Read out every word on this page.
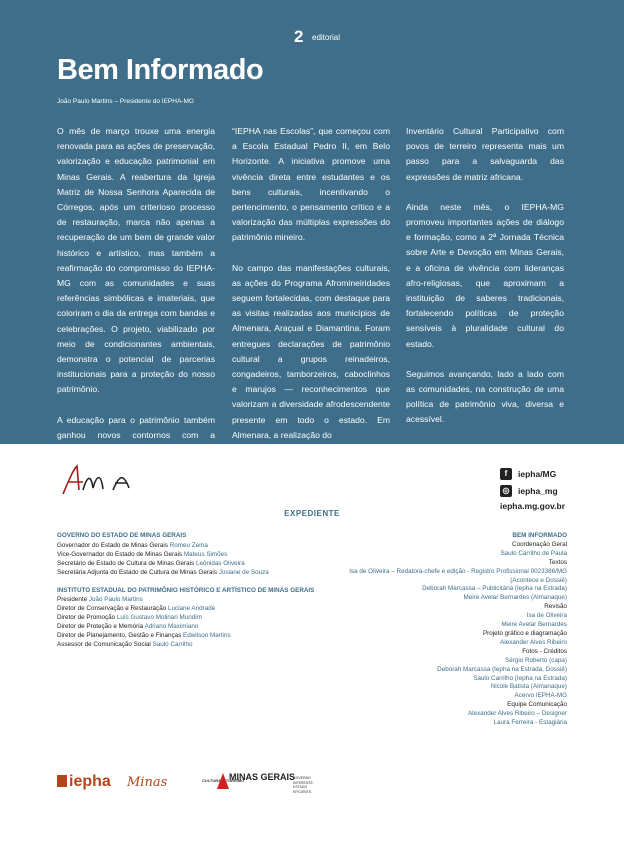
2 editorial
Bem Informado
João Paulo Martins – Presidente do IEPHA-MG

O mês de março trouxe uma energia renovada para as ações de preservação, valorização e educação patrimonial em Minas Gerais. A reabertura da Igreja Matriz de Nossa Senhora Aparecida de Córregos, após um criterioso processo de restauração, marca não apenas a recuperação de um bem de grande valor histórico e artístico, mas também a reafirmação do compromisso do IEPHA-MG com as comunidades e suas referências simbólicas e imateriais, que coloriram o dia da entrega com bandas e celebrações. O projeto, viabilizado por meio de condicionantes ambientais, demonstra o potencial de parcerias institucionais para a proteção do nosso patrimônio.

A educação para o patrimônio também ganhou novos contornos com a retomada do projeto

“IEPHA nas Escolas”, que começou com a Escola Estadual Pedro II, em Belo Horizonte. A iniciativa promove uma vivência direta entre estudantes e os bens culturais, incentivando o pertencimento, o pensamento crítico e a valorização das múltiplas expressões do patrimônio mineiro.

No campo das manifestações culturais, as ações do Programa Afromineiridades seguem fortalecidas, com destaque para as visitas realizadas aos municípios de Almenara, Araçuaí e Diamantina. Foram entregues declarações de patrimônio cultural a grupos reinadeiros, congadeiros, tamborzeiros, caboclinhos e marujos — reconhecimentos que valorizam a diversidade afrodescendente presente em todo o estado. Em Almenara, a realização do

Inventário Cultural Participativo com povos de terreiro representa mais um passo para a salvaguarda das expressões de matriz africana.

Ainda neste mês, o IEPHA-MG promoveu importantes ações de diálogo e formação, como a 2ª Jornada Técnica sobre Arte e Devoção em Minas Gerais, e a oficina de vivência com lideranças afro-religiosas, que aproximam a instituição de saberes tradicionais, fortalecendo políticas de proteção sensíveis à pluralidade cultural do estado.

Seguimos avançando, lado a lado com as comunidades, na construção de uma política de patrimônio viva, diversa e acessível.

Boa leitura e até a próxima edição!

f	iepha/MG
◎ iepha_mg
iepha.mg.gov.br
EXPEDIENTE
GOVERNO DO ESTADO DE MINAS GERAIS
Governador do Estado de Minas Gerais Romeu Zema
Vice-Governador do Estado de Minas Gerais Mateus Simões
Secretário de Estado de Cultura de Minas Gerais Leônidas Oliveira
Secretária Adjunta do Estado de Cultura de Minas Gerais Josiane de Souza
INSTITUTO ESTADUAL DO PATRIMÔNIO HISTÓRICO E ARTÍSTICO DE MINAS GERAIS
Presidente João Paulo Martins
Diretor de Conservação e Restauração Luciane Andrade
Diretor de Promoção Luís Gustavo Molinari Mundim
Diretor de Proteção e Memória Adriano Maximiano
Diretor de Planejamento, Gestão e Finanças Edwilson Martins
Assessor de Comunicação Social Saulo Carrilho
BEM INFORMADO
Coordenação Geral
Saulo Carrilho de Paula
Textos
Isa de Oliveira – Redatora-chefe e edição - Registro Profissional 0023386/MG
(Acontece e Dossiê)
Deborah Marcassa – Publicitária (Iepha na Estrada)
Meire Avelar Bernardes (Almanaque)
Revisão
Isa de Oliveira
Meire Avelar Bernardes
Projeto gráfico e diagramação
Alexander Alves Ribeiro
Fotos - Créditos
Sérgio Roberto (capa)
Deborah Marcassa (Iepha na Estrada, Dossiê)
Saulo Carrilho (Iepha na Estrada)
Nicole Batista (Almanaque)
Acervo IEPHA-MG
Equipe Comunicação
Alexander Alves Ribeiro – Designer
Laura Ferreira - Estagiária
iepha Minas	CULTURA E TURISMO
MINAS GERAIS
GOVERNO DIFERENTE. ESTADO EFICIENTE.
